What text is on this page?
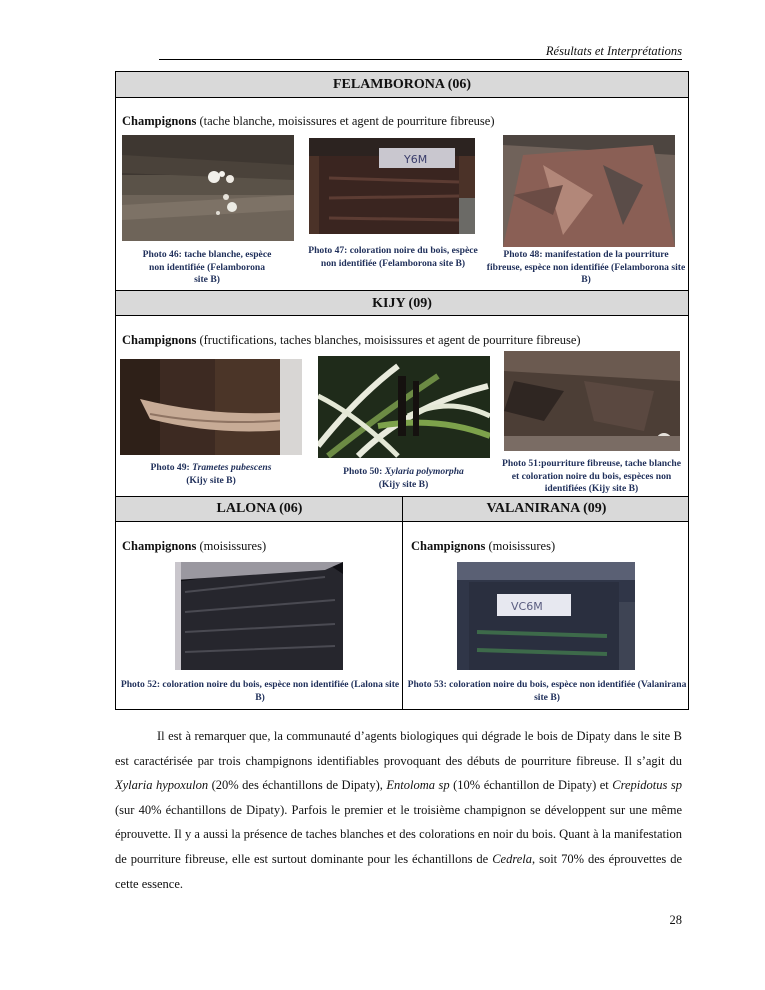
Résultats et Interprétations
FELAMBORONA (06)
Champignons (tache blanche, moisissures et agent de pourriture fibreuse)
Y6M
Photo 46: tache blanche, espèce non identifiée (Felamborona site B)
Photo 47: coloration noire du bois, espèce non identifiée (Felamborona site B)
Photo 48: manifestation de la pourriture fibreuse, espèce non identifiée (Felamborona site B)
KIJY (09)
Champignons (fructifications, taches blanches, moisissures et agent de pourriture fibreuse)
Photo 49: Trametes pubescens
(Kijy site B)
Photo 50: Xylaria polymorpha
(Kijy site B)
Photo 51:pourriture fibreuse, tache blanche et coloration noire du bois, espèces non identifiées (Kijy site B)
LALONA (06)	VALANIRANA (09)
Champignons (moisissures)	Champignons (moisissures)
VC6M
Photo 52: coloration noire du bois, espèce non identifiée (Lalona site B)
Photo 53: coloration noire du bois, espèce non identifiée (Valanirana site B)

Il est à remarquer que, la communauté d’agents biologiques qui dégrade le bois de Dipaty dans le site B est caractérisée par trois champignons identifiables provoquant des débuts de pourriture fibreuse. Il s’agit du Xylaria hypoxulon (20% des échantillons de Dipaty), Entoloma sp (10% échantillon de Dipaty) et Crepidotus sp (sur 40% échantillons de Dipaty). Parfois le premier et le troisième champignon se développent sur une même éprouvette. Il y a aussi la présence de taches blanches et des colorations en noir du bois. Quant à la manifestation de pourriture fibreuse, elle est surtout dominante pour les échantillons de Cedrela, soit 70% des éprouvettes de cette essence.

28
